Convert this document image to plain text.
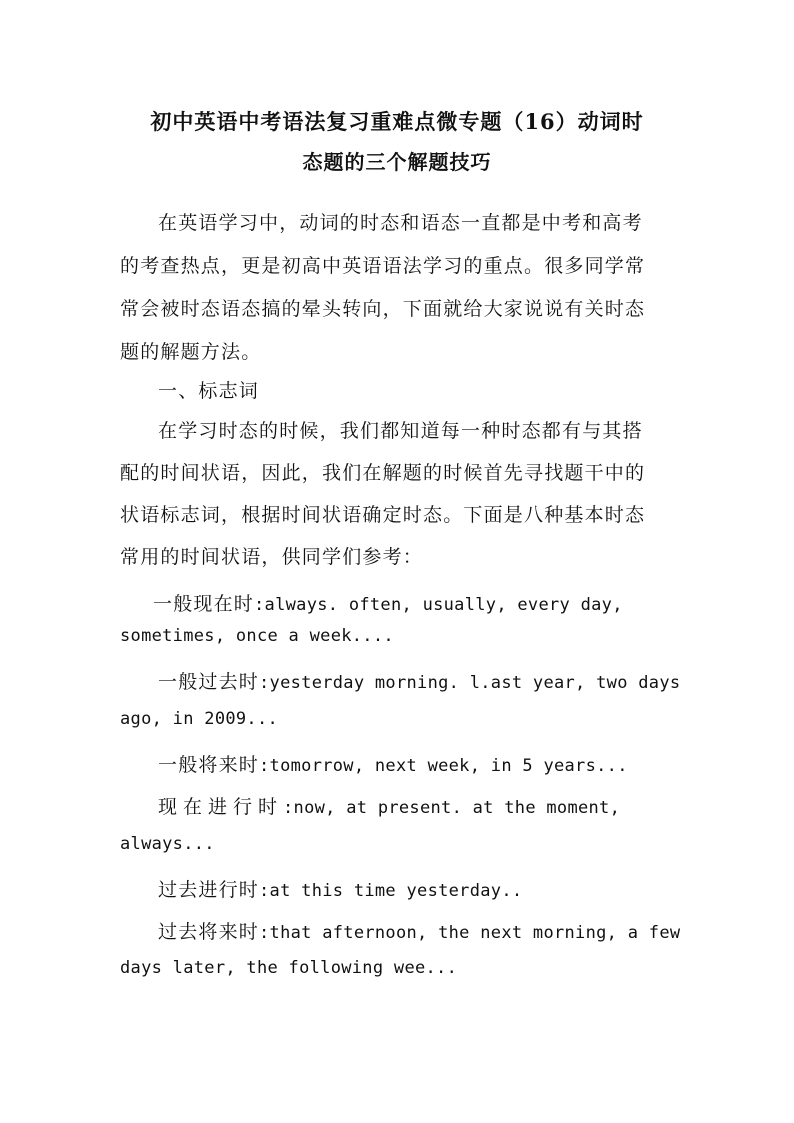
初中英语中考语法复习重难点微专题（16）动词时
态题的三个解题技巧
在英语学习中，动词的时态和语态一直都是中考和高考
的考查热点，更是初高中英语语法学习的重点。很多同学常
常会被时态语态搞的晕头转向，下面就给大家说说有关时态
题的解题方法。
一、标志词
在学习时态的时候，我们都知道每一种时态都有与其搭
配的时间状语，因此，我们在解题的时候首先寻找题干中的
状语标志词，根据时间状语确定时态。下面是八种基本时态
常用的时间状语，供同学们参考：
一般现在时:always. often, usually, every day,
sometimes, once a week....
一般过去时:yesterday morning. l.ast year, two days
ago, in 2009...
一般将来时:tomorrow, next week, in 5 years...
现在进行时:now, at present. at the moment,
always...
过去进行时:at this time yesterday..
过去将来时:that afternoon, the next morning, a few
days later, the following wee...
